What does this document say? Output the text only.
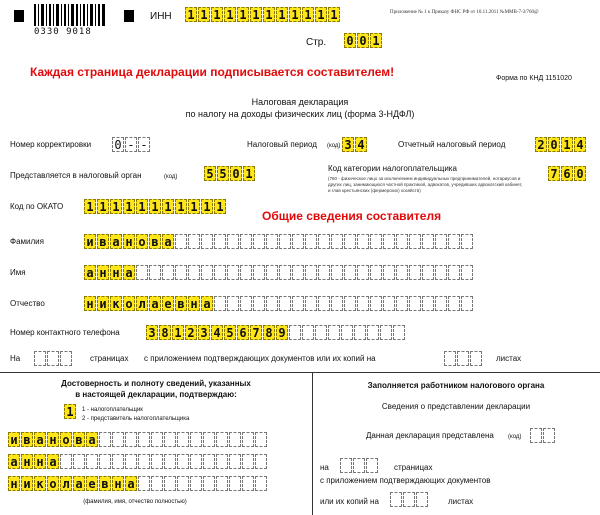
0330 9018
ИНН 1 1 1 1 1 1 1 1 1 1 1 1	Приложение № 1 к Приказу ФНС РФ от 10.11.2011 №ММВ-7-3/760@
Стр. 0 0 1
Каждая страница декларации подписывается составителем!	Форма по КНД 1151020
Налоговая декларация
по налогу на доходы физических лиц (форма 3-НДФЛ)
Номер корректировки 0 - -	Налоговый период (код) 3 4	Отчетный налоговый период	2 0 1 4
Представляется в налоговый орган	(код) 5 5 0 1	Код категории налогоплательщика
(760 - физическое лицо за исключением индивидуальных предпринимателей, нотариусов и других лиц, занимающихся частной практикой, адвокатов, учредивших адвокатский кабинет, и глав крестьянских (фермерских) хозяйств)
7 6 0
Код по ОКАТО 1 1 1 1 1 1 1 1 1 1 1
Общие сведения составителя
Фамилия	и в а н о в а
Имя	а н н а
Отчество	н и к о л а е в н а
Номер контактного телефона 3 8 1 2 3 4 5 6 7 8 9
На	страницах с приложением подтверждающих документов или их копий на	листах
Достоверность и полноту сведений, указанных
в настоящей декларации, подтверждаю:
1	1 - налогоплательщик
2 - представитель налогоплательщика
и в а н о в а
а н н а
н и к о л а е в н а
(фамилия, имя, отчество полностью)
Заполняется работником налогового органа
Сведения о представлении декларации
Данная декларация представлена (код)
на	страницах
с приложением подтверждающих документов
или их копий на	листах
